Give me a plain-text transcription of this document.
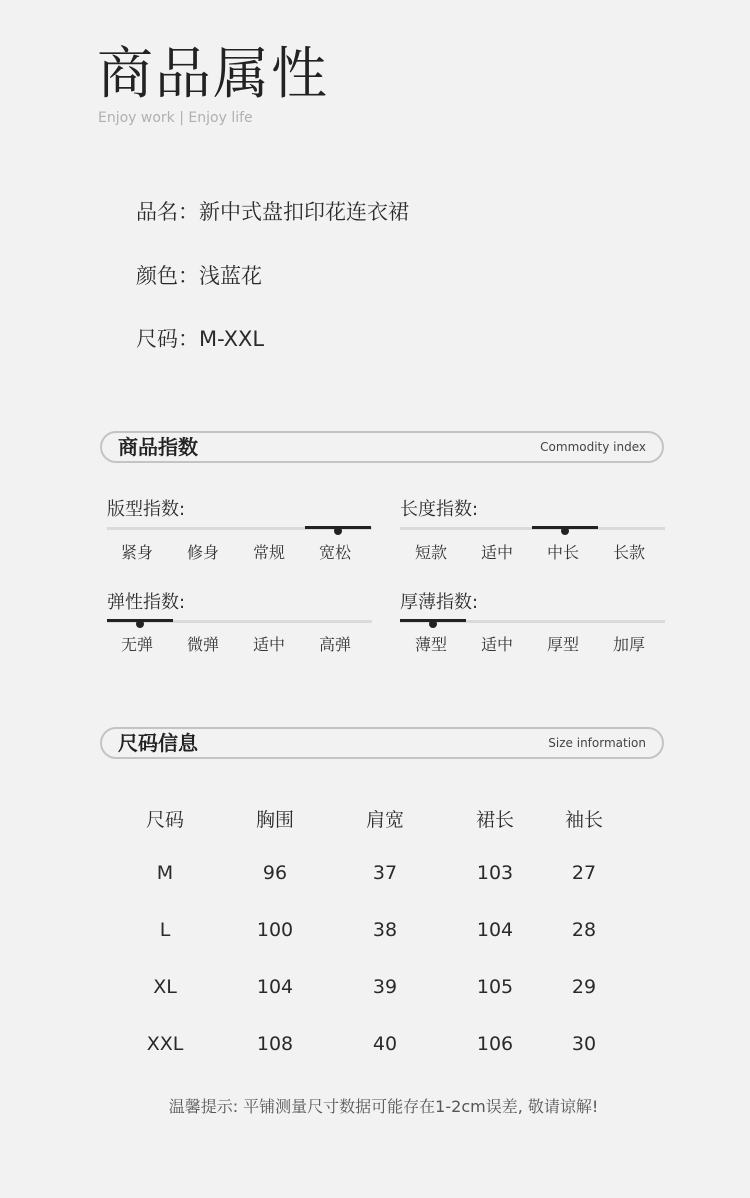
商品属性
Enjoy work | Enjoy life
品名：新中式盘扣印花连衣裙
颜色：浅蓝花
尺码：M-XXL
商品指数	Commodity index
版型指数:
紧身	修身	常规	宽松
长度指数:
短款	适中	中长	长款
弹性指数:
无弹	微弹	适中	高弹
厚薄指数:
薄型	适中	厚型	加厚
尺码信息	Size information
尺码	胸围	肩宽	裙长	袖长
M	96	37	103	27
L	100	38	104	28
XL	104	39	105	29
XXL	108	40	106	30
温馨提示: 平铺测量尺寸数据可能存在1-2cm误差, 敬请谅解!
